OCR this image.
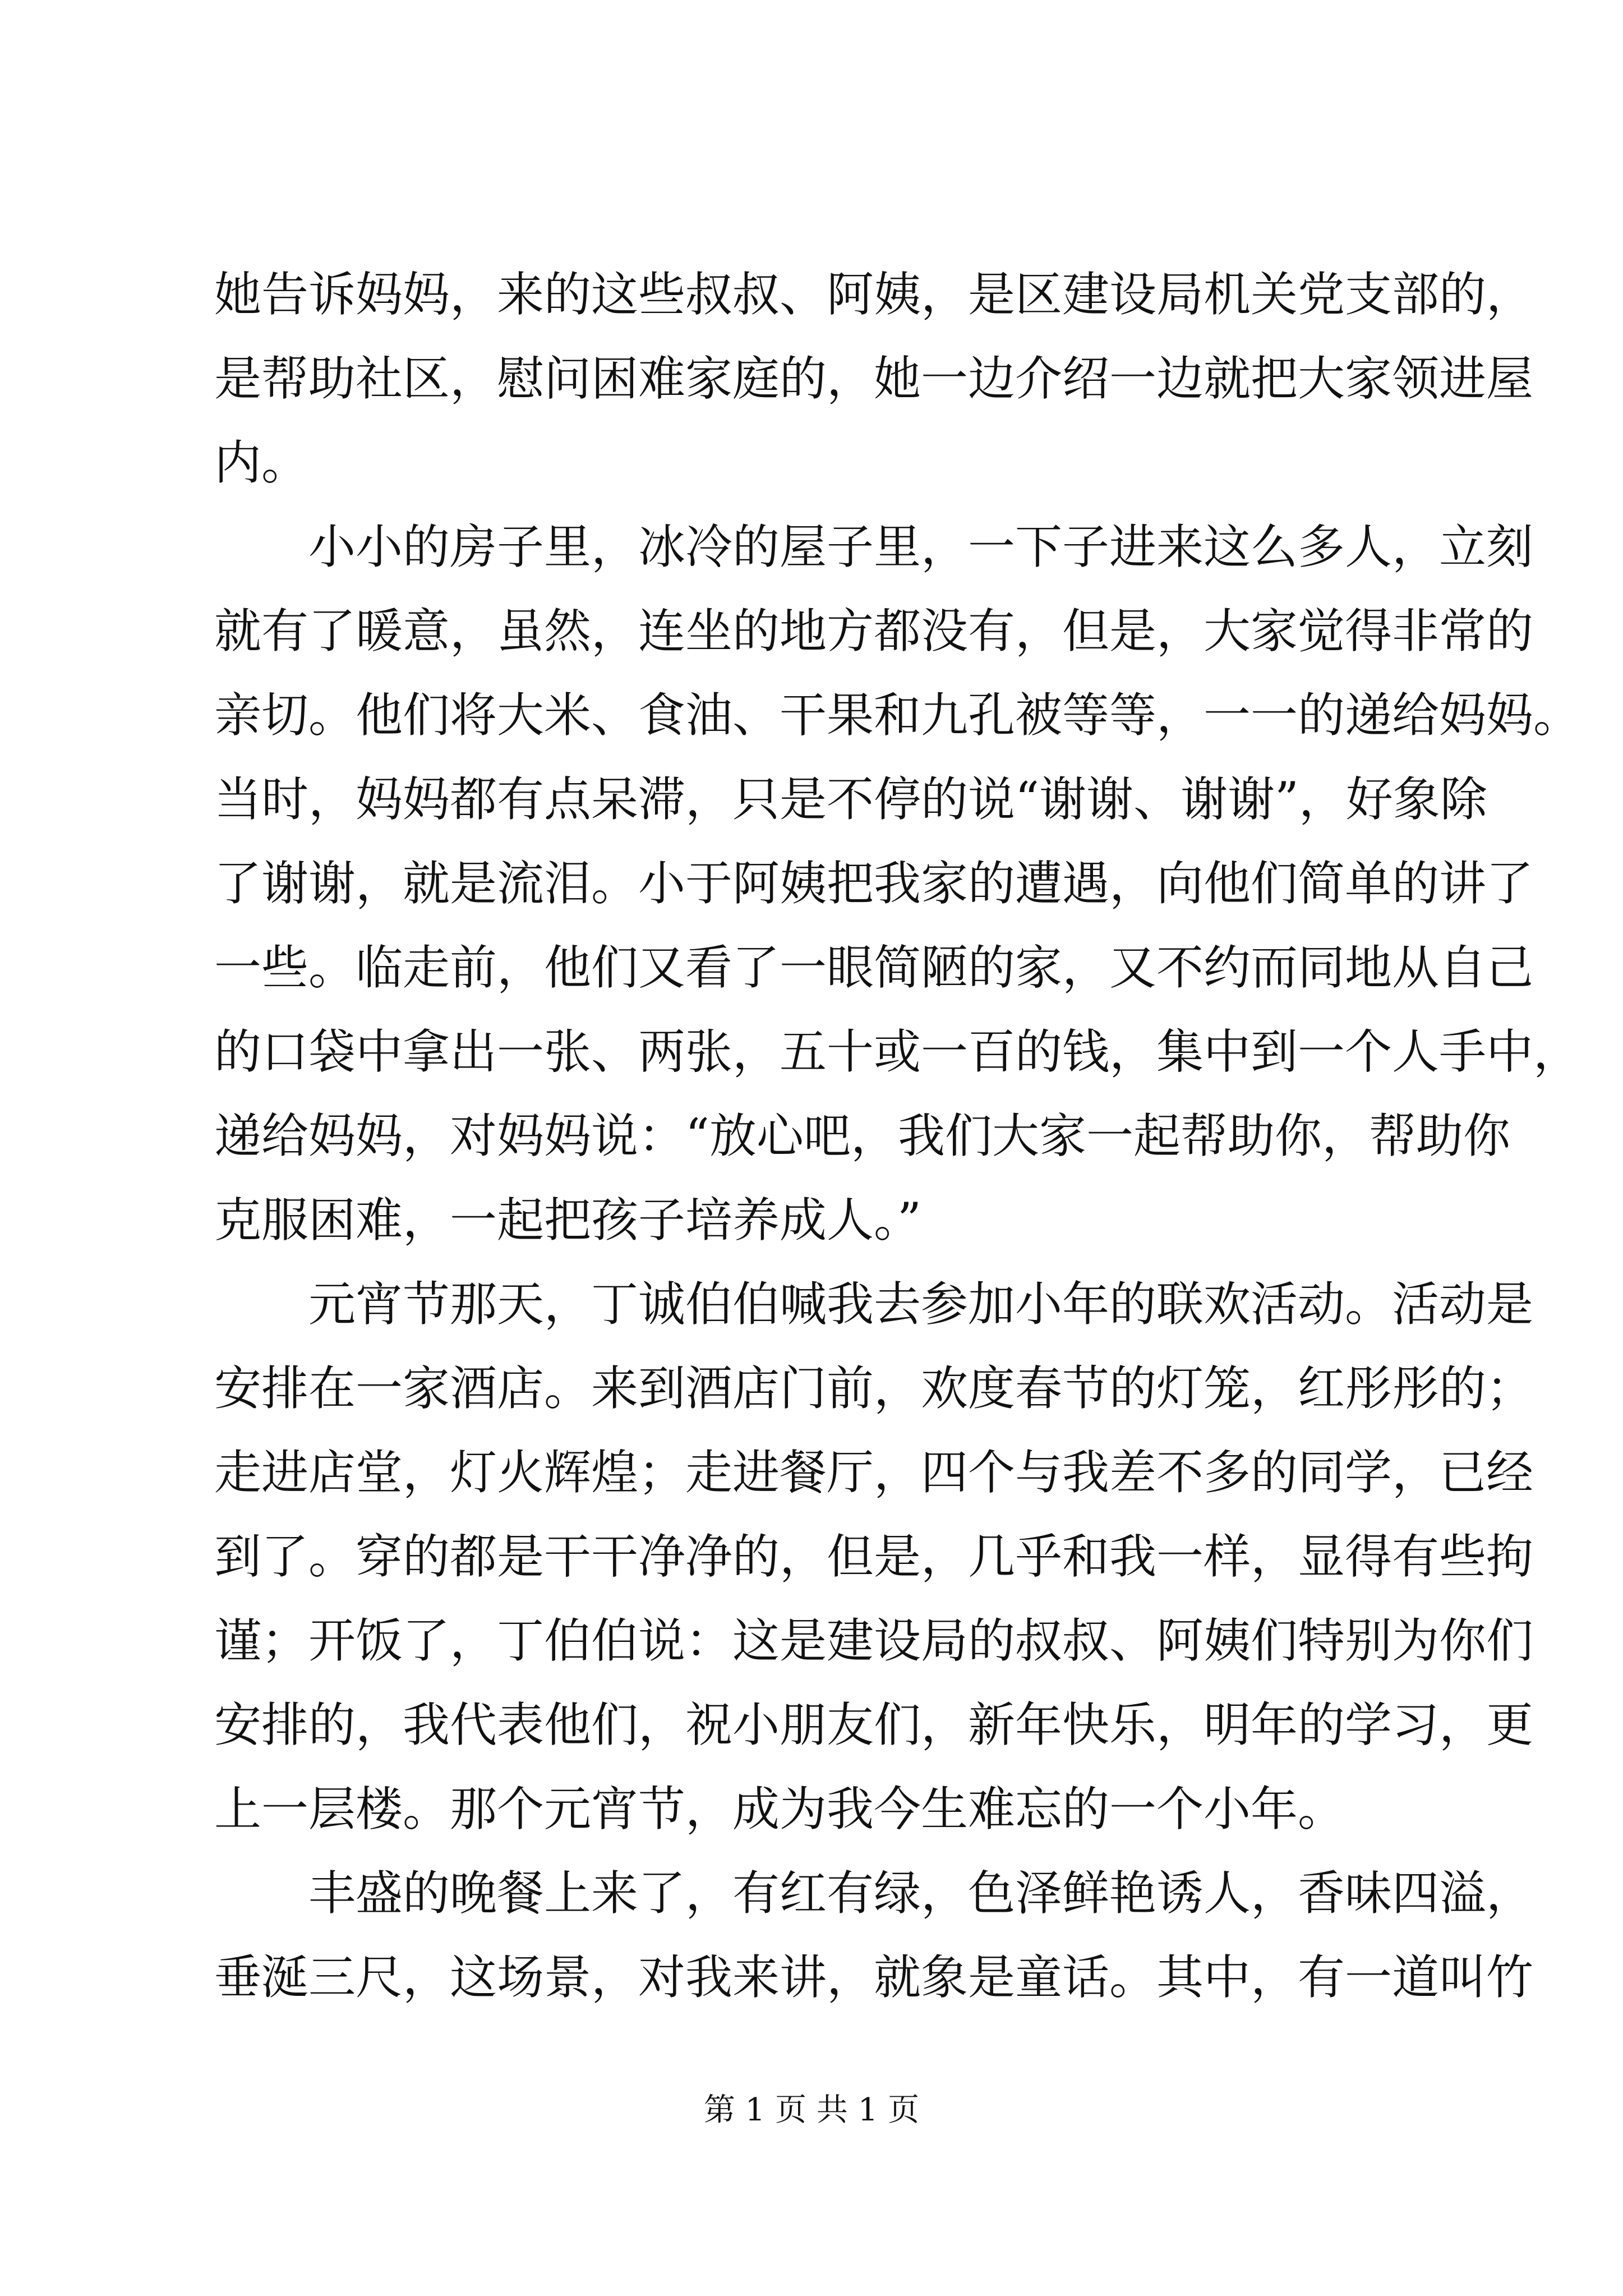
她告诉妈妈，来的这些叔叔、阿姨，是区建设局机关党支部的，
是帮助社区，慰问困难家庭的，她一边介绍一边就把大家领进屋
内。
小小的房子里，冰冷的屋子里，一下子进来这么多人，立刻
就有了暖意，虽然，连坐的地方都没有，但是，大家觉得非常的
亲切。他们将大米、食油、干果和九孔被等等，一一的递给妈妈。
当时，妈妈都有点呆滞，只是不停的说“谢谢、谢谢”，好象除
了谢谢，就是流泪。小于阿姨把我家的遭遇，向他们简单的讲了
一些。临走前，他们又看了一眼简陋的家，又不约而同地从自己
的口袋中拿出一张、两张，五十或一百的钱，集中到一个人手中，
递给妈妈，对妈妈说：“放心吧，我们大家一起帮助你，帮助你
克服困难，一起把孩子培养成人。”
元宵节那天，丁诚伯伯喊我去参加小年的联欢活动。活动是
安排在一家酒店。来到酒店门前，欢度春节的灯笼，红彤彤的；
走进店堂，灯火辉煌；走进餐厅，四个与我差不多的同学，已经
到了。穿的都是干干净净的，但是，几乎和我一样，显得有些拘
谨；开饭了，丁伯伯说：这是建设局的叔叔、阿姨们特别为你们
安排的，我代表他们，祝小朋友们，新年快乐，明年的学习，更
上一层楼。那个元宵节，成为我今生难忘的一个小年。
丰盛的晚餐上来了，有红有绿，色泽鲜艳诱人，香味四溢，
垂涎三尺，这场景，对我来讲，就象是童话。其中，有一道叫竹
第 1 页 共 1 页
